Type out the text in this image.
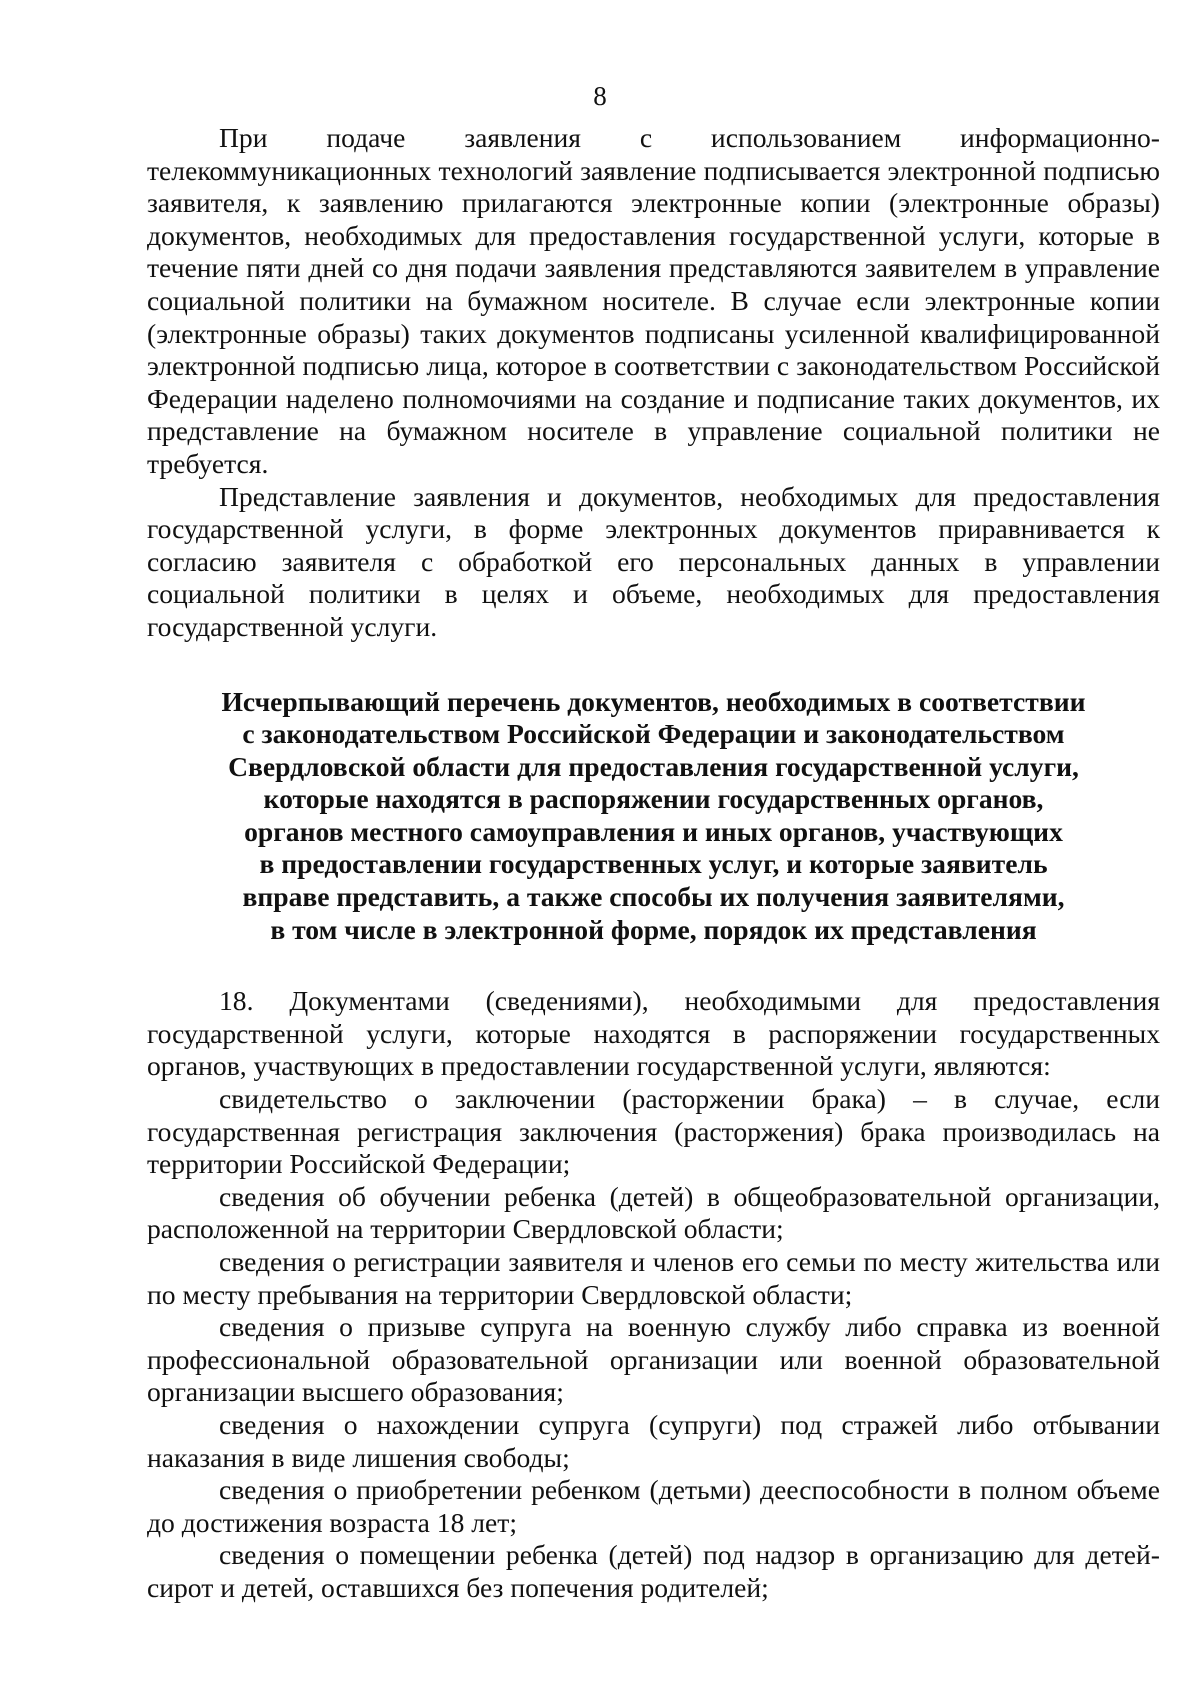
8

При подаче заявления с использованием информационно-телекоммуникационных технологий заявление подписывается электронной подписью заявителя, к заявлению прилагаются электронные копии (электронные образы) документов, необходимых для предоставления государственной услуги, которые в течение пяти дней со дня подачи заявления представляются заявителем в управление социальной политики на бумажном носителе. В случае если электронные копии (электронные образы) таких документов подписаны усиленной квалифицированной электронной подписью лица, которое в соответствии с законодательством Российской Федерации наделено полномочиями на создание и подписание таких документов, их представление на бумажном носителе в управление социальной политики не требуется.

Представление заявления и документов, необходимых для предоставления государственной услуги, в форме электронных документов приравнивается к согласию заявителя с обработкой его персональных данных в управлении социальной политики в целях и объеме, необходимых для предоставления государственной услуги.

Исчерпывающий перечень документов, необходимых в соответствии
с законодательством Российской Федерации и законодательством
Свердловской области для предоставления государственной услуги,
которые находятся в распоряжении государственных органов,
органов местного самоуправления и иных органов, участвующих
в предоставлении государственных услуг, и которые заявитель
вправе представить, а также способы их получения заявителями,
в том числе в электронной форме, порядок их представления

18. Документами (сведениями), необходимыми для предоставления государственной услуги, которые находятся в распоряжении государственных органов, участвующих в предоставлении государственной услуги, являются:

свидетельство о заключении (расторжении брака) – в случае, если государственная регистрация заключения (расторжения) брака производилась на территории Российской Федерации;

сведения об обучении ребенка (детей) в общеобразовательной организации, расположенной на территории Свердловской области;

сведения о регистрации заявителя и членов его семьи по месту жительства или по месту пребывания на территории Свердловской области;

сведения о призыве супруга на военную службу либо справка из военной профессиональной образовательной организации или военной образовательной организации высшего образования;

сведения о нахождении супруга (супруги) под стражей либо отбывании наказания в виде лишения свободы;

сведения о приобретении ребенком (детьми) дееспособности в полном объеме до достижения возраста 18 лет;

сведения о помещении ребенка (детей) под надзор в организацию для детей-сирот и детей, оставшихся без попечения родителей;
